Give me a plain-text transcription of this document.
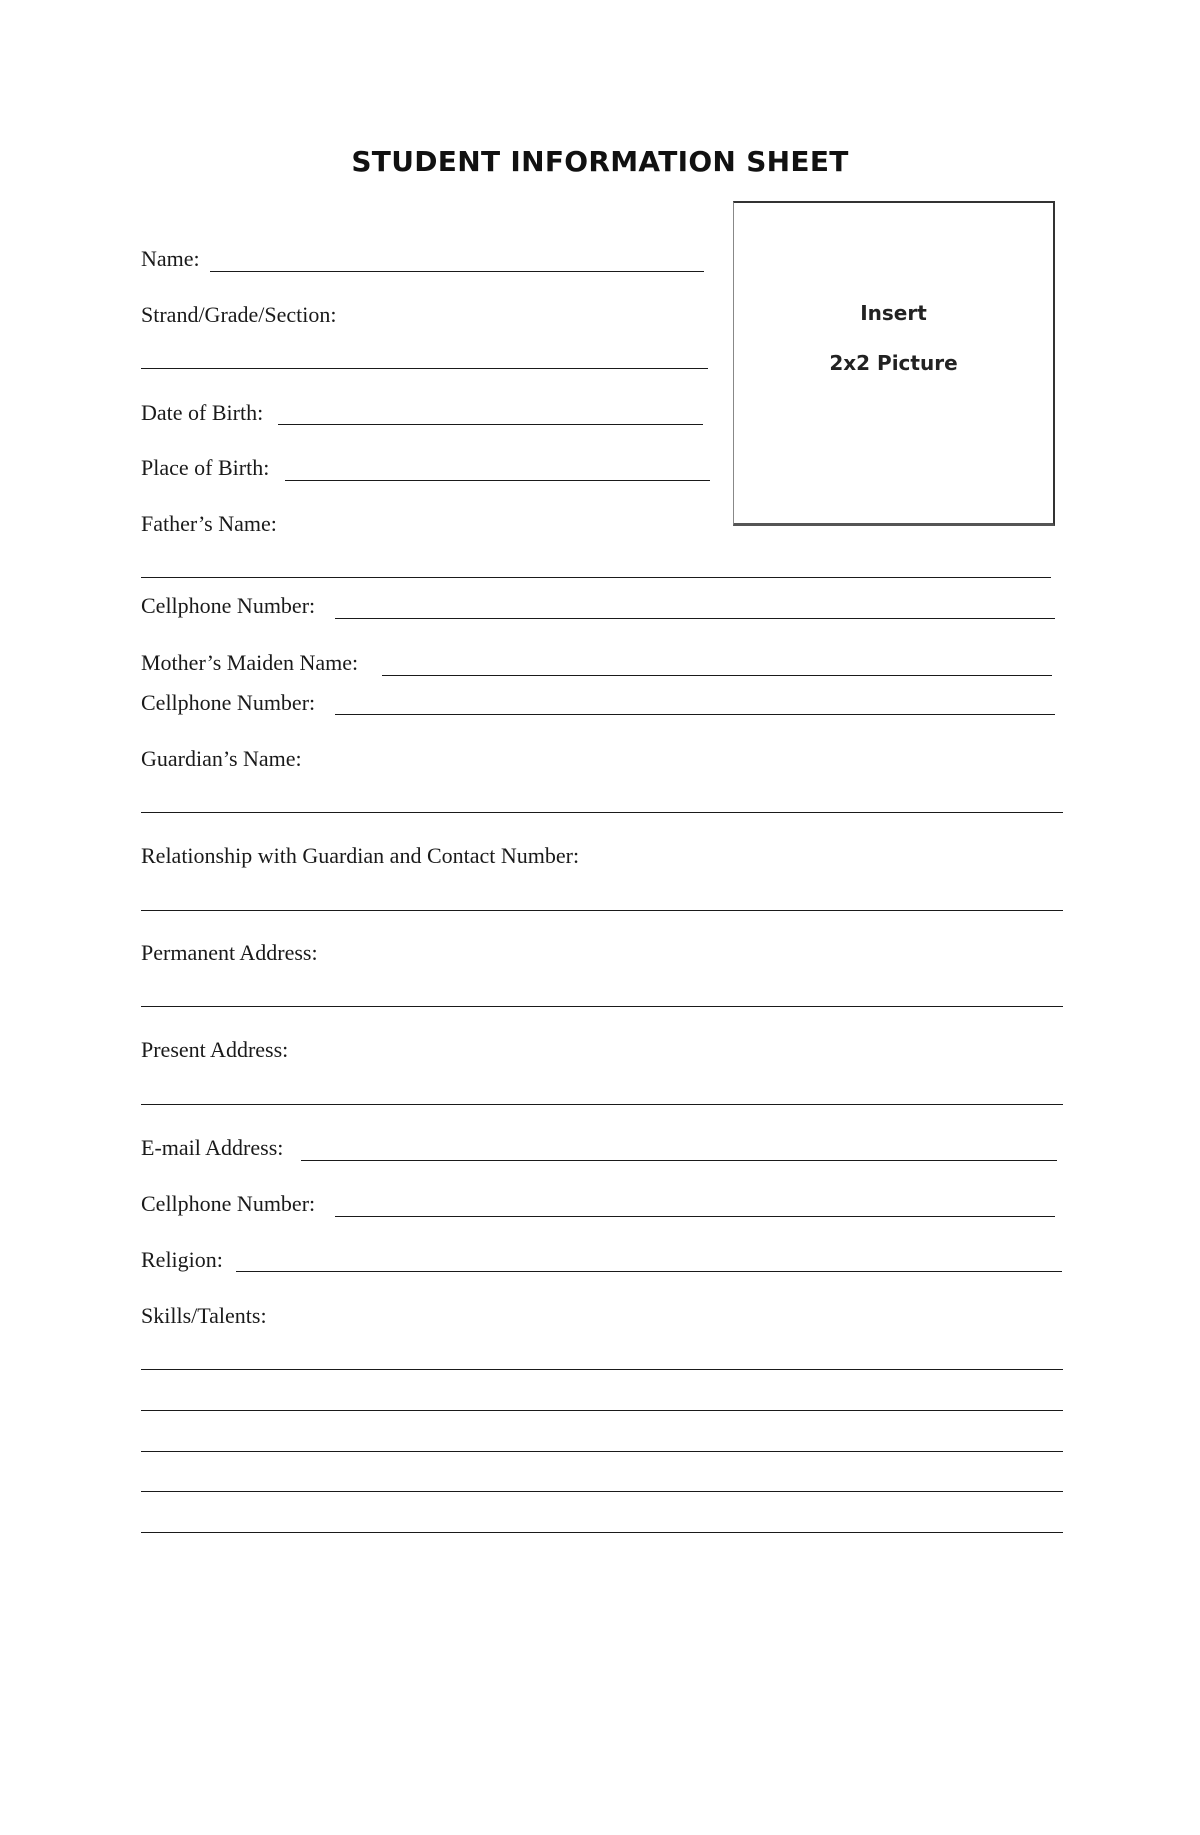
STUDENT INFORMATION SHEET
Insert
2x2 Picture
Name:
Strand/Grade/Section:
Date of Birth:
Place of Birth:
Father’s Name:
Cellphone Number:
Mother’s Maiden Name:
Cellphone Number:
Guardian’s Name:
Relationship with Guardian and Contact Number:
Permanent Address:
Present Address:
E-mail Address:
Cellphone Number:
Religion:
Skills/Talents:
